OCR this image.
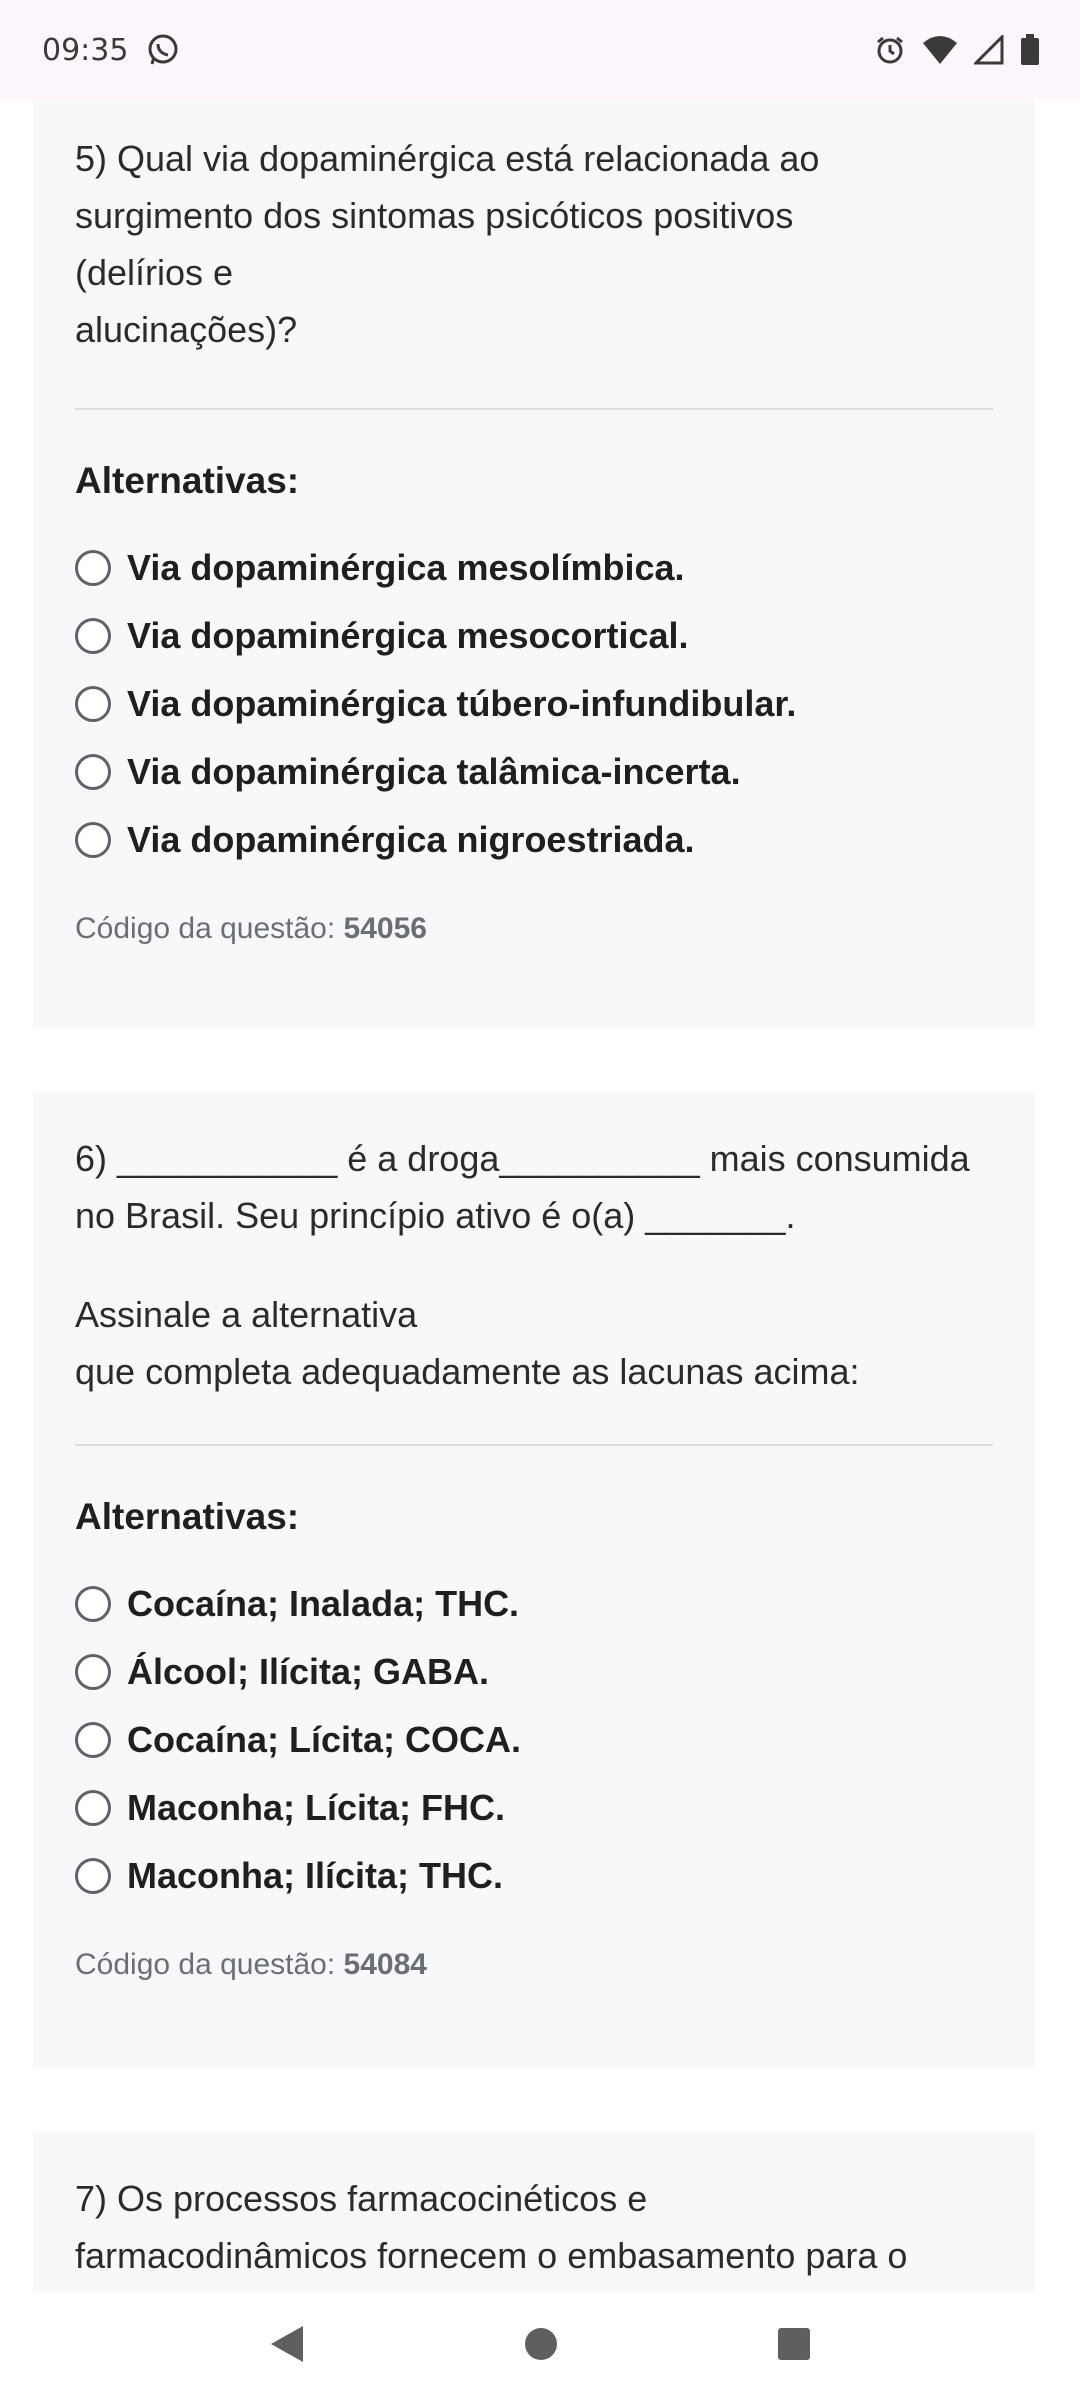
09:35

5) Qual via dopaminérgica está relacionada ao
surgimento dos sintomas psicóticos positivos
(delírios e
alucinações)?

Alternativas:
Via dopaminérgica mesolímbica.
Via dopaminérgica mesocortical.
Via dopaminérgica túbero-infundibular.
Via dopaminérgica talâmica-incerta.
Via dopaminérgica nigroestriada.
Código da questão: 54056

6) ___________ é a droga__________ mais consumida
no Brasil. Seu princípio ativo é o(a) _______.

Assinale a alternativa
que completa adequadamente as lacunas acima:

Alternativas:
Cocaína; Inalada; THC.
Álcool; Ilícita; GABA.
Cocaína; Lícita; COCA.
Maconha; Lícita; FHC.
Maconha; Ilícita; THC.
Código da questão: 54084

7) Os processos farmacocinéticos e
farmacodinâmicos fornecem o embasamento para o
